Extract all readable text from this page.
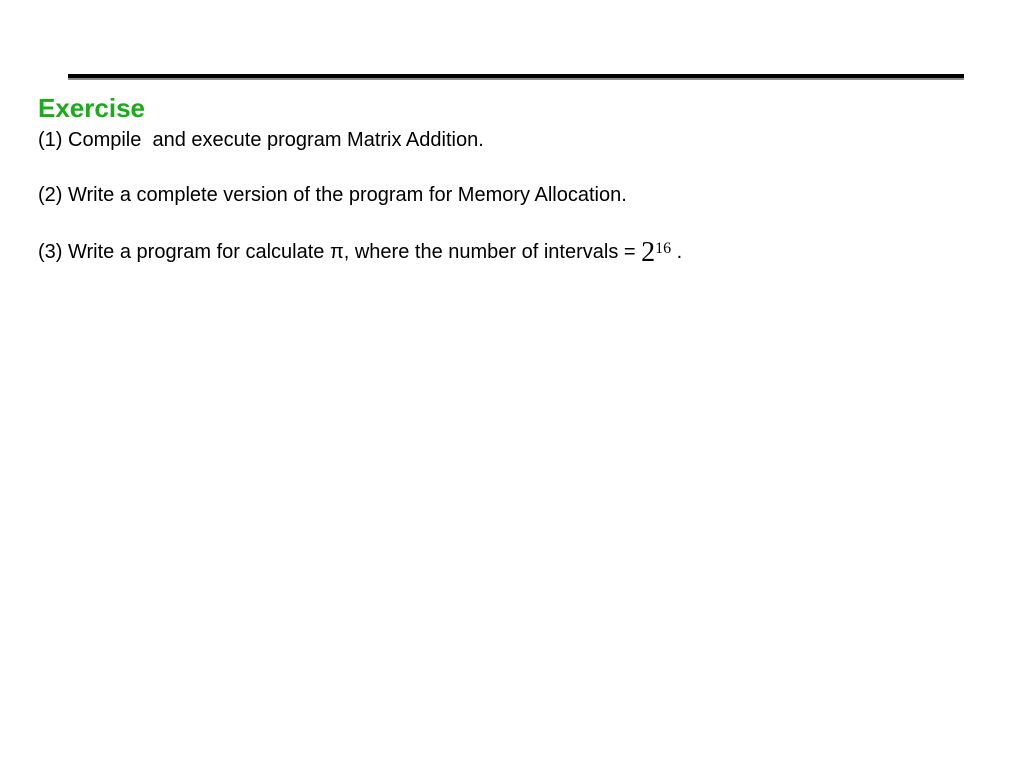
Exercise
(1) Compile  and execute program Matrix Addition.
(2) Write a complete version of the program for Memory Allocation.
(3) Write a program for calculate π, where the number of intervals = $2^{16}$ .
